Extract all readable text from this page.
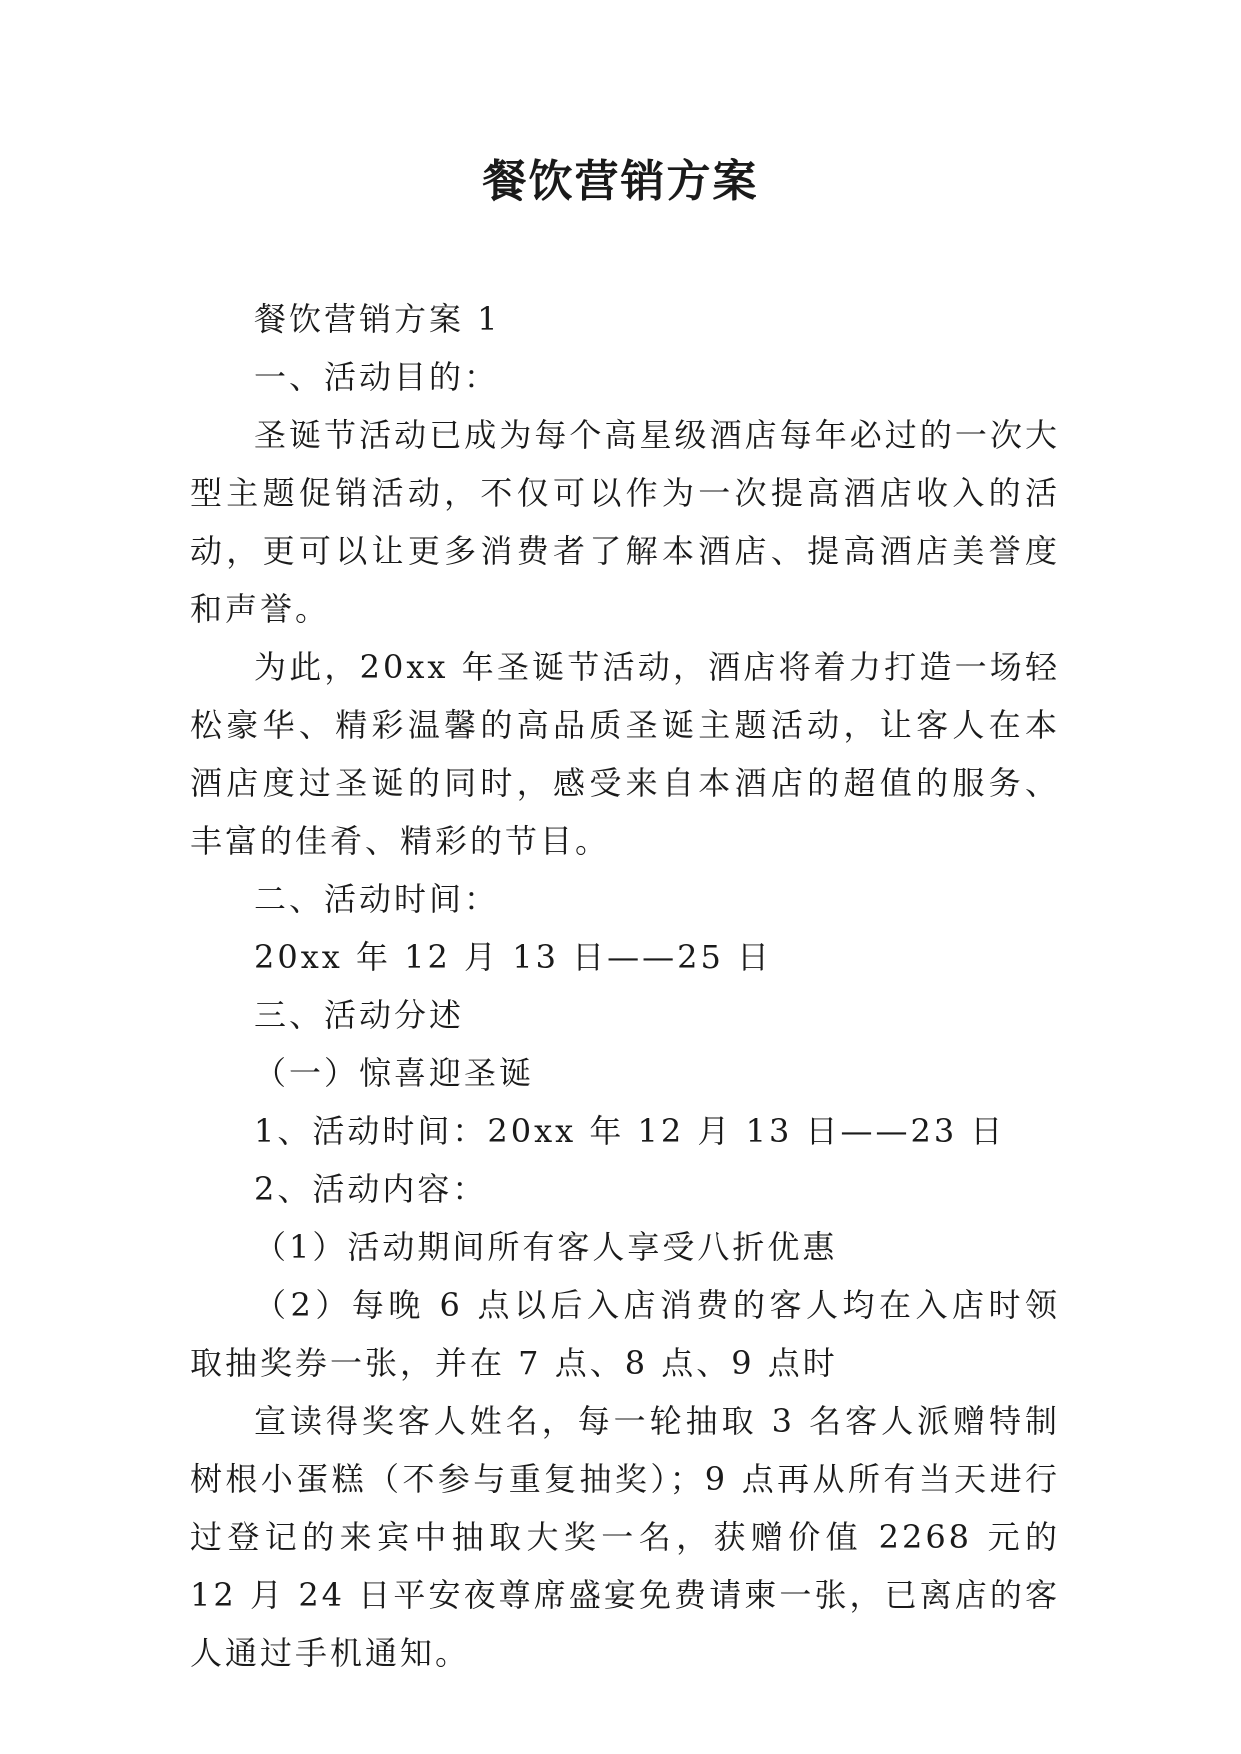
餐饮营销方案

餐饮营销方案 1

一、活动目的：

圣诞节活动已成为每个高星级酒店每年必过的一次大型主题促销活动，不仅可以作为一次提高酒店收入的活动，更可以让更多消费者了解本酒店、提高酒店美誉度和声誉。

为此，20xx 年圣诞节活动，酒店将着力打造一场轻松豪华、精彩温馨的高品质圣诞主题活动，让客人在本酒店度过圣诞的同时，感受来自本酒店的超值的服务、丰富的佳肴、精彩的节目。

二、活动时间：

20xx 年 12 月 13 日——25 日

三、活动分述

（一）惊喜迎圣诞

1、活动时间：20xx 年 12 月 13 日——23 日

2、活动内容：

（1）活动期间所有客人享受八折优惠

（2）每晚 6 点以后入店消费的客人均在入店时领取抽奖券一张，并在 7 点、8 点、9 点时

宣读得奖客人姓名，每一轮抽取 3 名客人派赠特制树根小蛋糕（不参与重复抽奖）；9 点再从所有当天进行过登记的来宾中抽取大奖一名，获赠价值 2268 元的 12 月 24 日平安夜尊席盛宴免费请柬一张，已离店的客人通过手机通知。
